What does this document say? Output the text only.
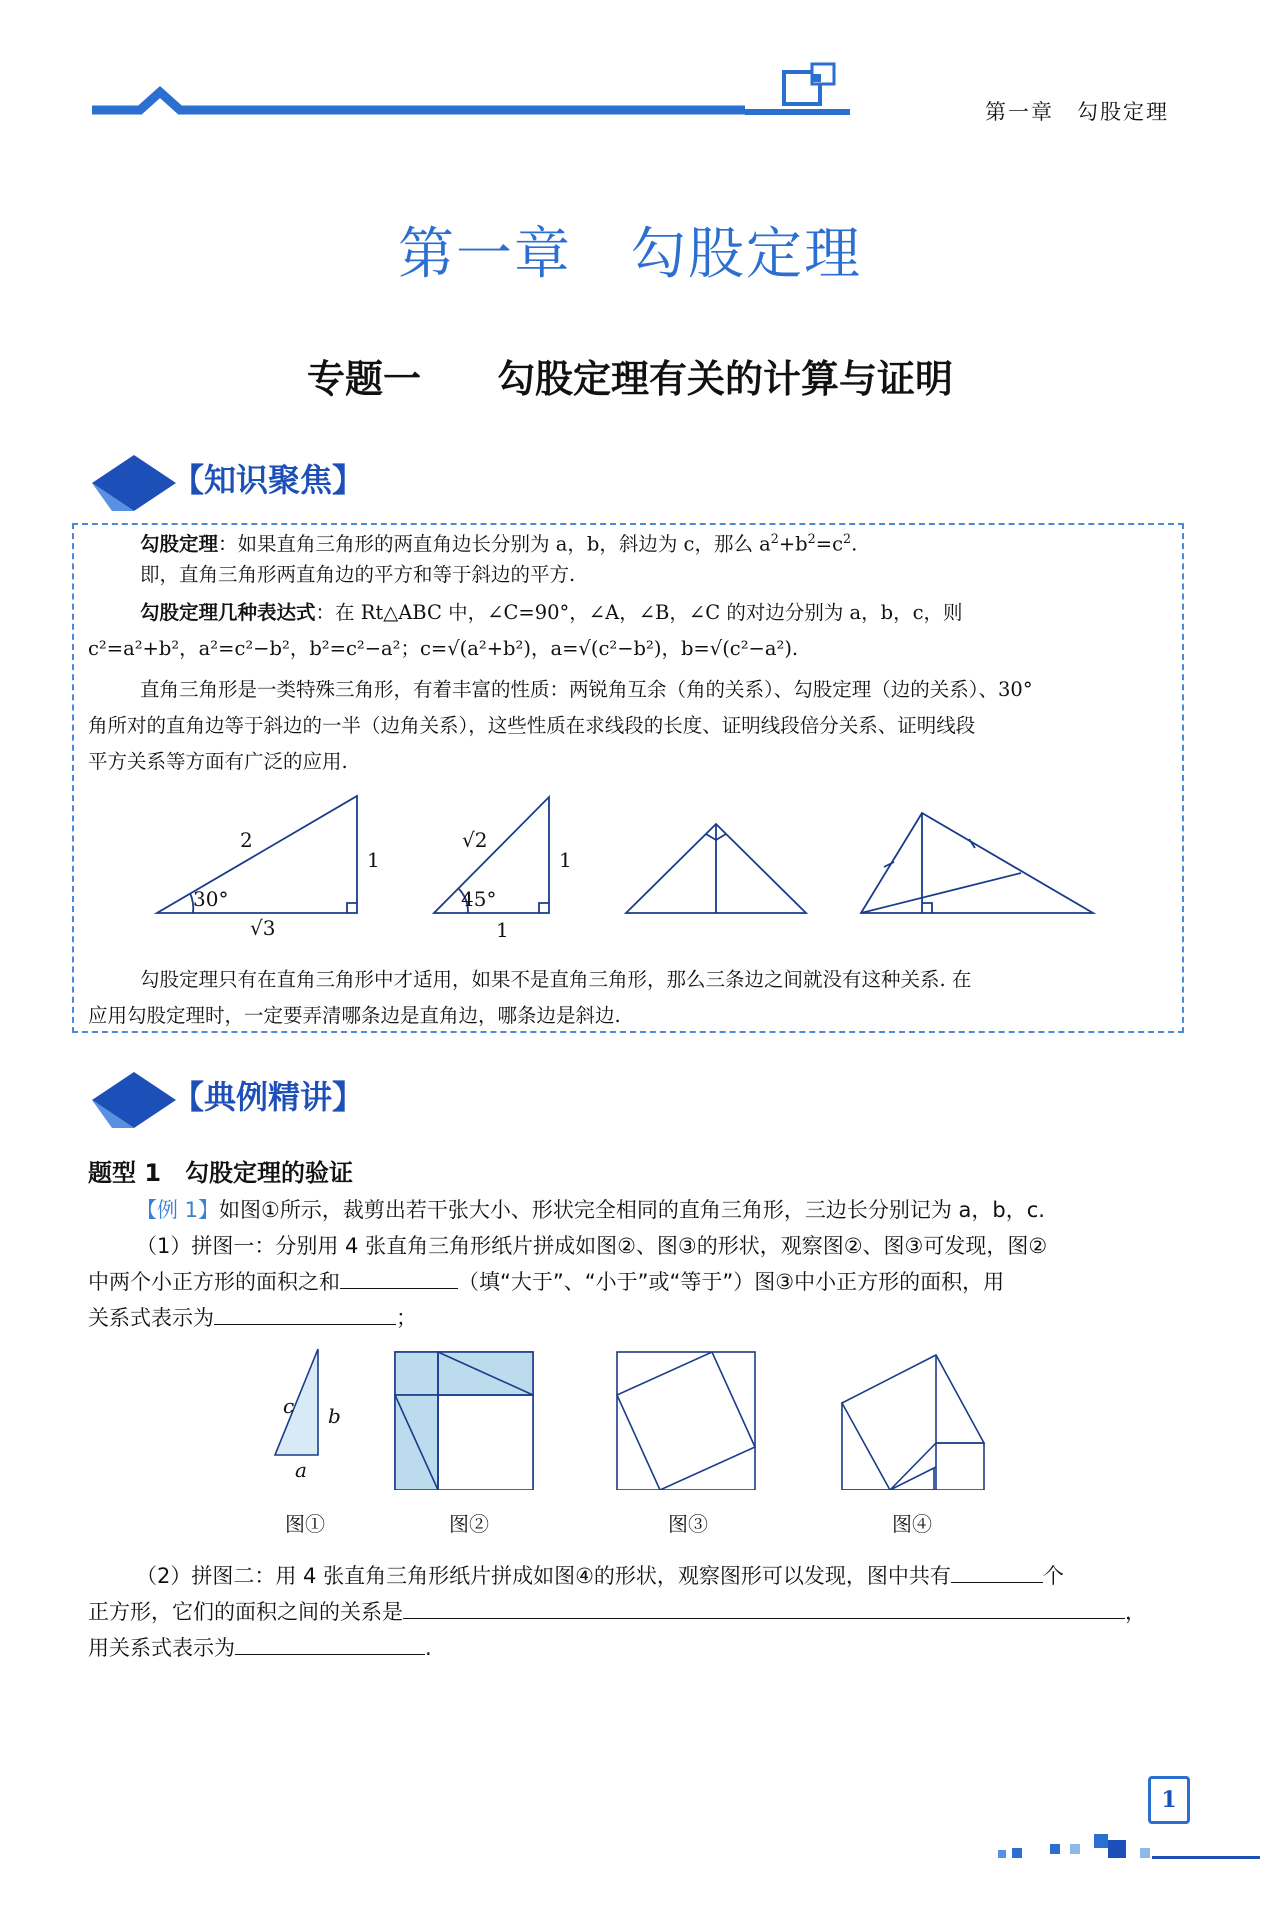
第一章　勾股定理
第一章　勾股定理
专题一　　勾股定理有关的计算与证明
【知识聚焦】
勾股定理：如果直角三角形的两直角边长分别为 a，b，斜边为 c，那么 $a^2+b^2=c^2$.
即，直角三角形两直角边的平方和等于斜边的平方.
勾股定理几种表达式：在 Rt△ABC 中，∠C=90°，∠A，∠B，∠C 的对边分别为 a，b，c，则
c²=a²+b²，a²=c²−b²，b²=c²−a²；c=√(a²+b²)，a=√(c²−b²)，b=√(c²−a²).
直角三角形是一类特殊三角形，有着丰富的性质：两锐角互余（角的关系）、勾股定理（边的关系）、30°
角所对的直角边等于斜边的一半（边角关系），这些性质在求线段的长度、证明线段倍分关系、证明线段
平方关系等方面有广泛的应用.
2
1
30°
√3
√2
1
45°
1
勾股定理只有在直角三角形中才适用，如果不是直角三角形，那么三条边之间就没有这种关系. 在
应用勾股定理时，一定要弄清哪条边是直角边，哪条边是斜边.
【典例精讲】
题型 1　勾股定理的验证
【例 1】如图①所示，裁剪出若干张大小、形状完全相同的直角三角形，三边长分别记为 a，b，c.
（1）拼图一：分别用 4 张直角三角形纸片拼成如图②、图③的形状，观察图②、图③可发现，图②
中两个小正方形的面积之和	（填“大于”、“小于”或“等于”）图③中小正方形的面积，用
关系式表示为	；
c b
a
图①	图②	图③	图④
（2）拼图二：用 4 张直角三角形纸片拼成如图④的形状，观察图形可以发现，图中共有	个
正方形，它们的面积之间的关系是	，
用关系式表示为	.
1
